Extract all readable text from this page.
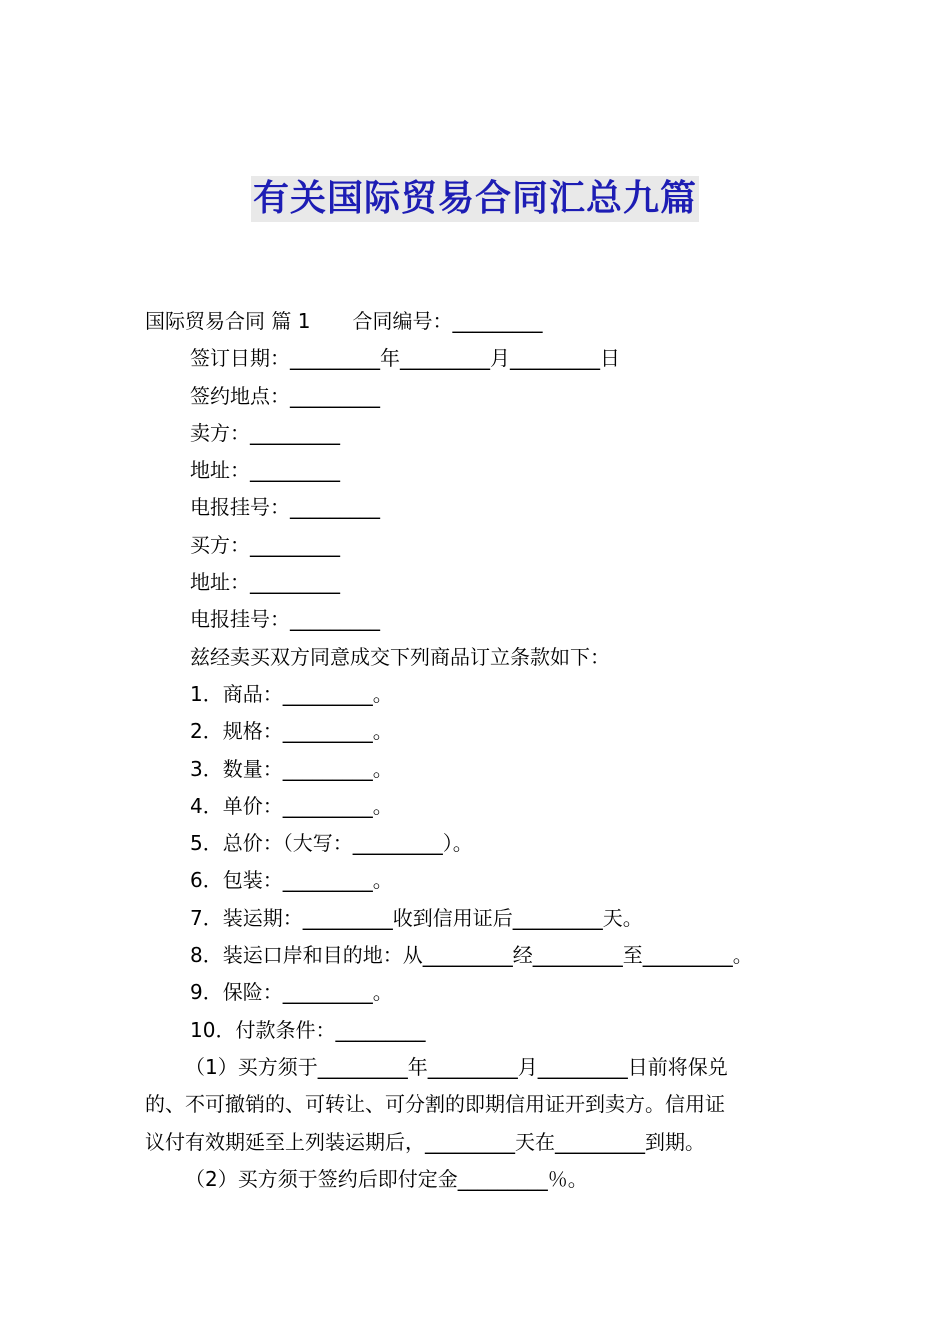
有关国际贸易合同汇总九篇
国际贸易合同 篇 1 合同编号：_________
签订日期：_________年_________月_________日
签约地点：_________
卖方：_________
地址：_________
电报挂号：_________
买方：_________
地址：_________
电报挂号：_________
兹经卖买双方同意成交下列商品订立条款如下：
1．商品：_________。
2．规格：_________。
3．数量：_________。
4．单价：_________。
5．总价：（大写：_________）。
6．包装：_________。
7．装运期：_________收到信用证后_________天。
8．装运口岸和目的地：从_________经_________至_________。
9．保险：_________。
10．付款条件：_________
（1）买方须于_________年_________月_________日前将保兑
的、不可撤销的、可转让、可分割的即期信用证开到卖方。信用证
议付有效期延至上列装运期后，_________天在_________到期。
（2）买方须于签约后即付定金_________％。
